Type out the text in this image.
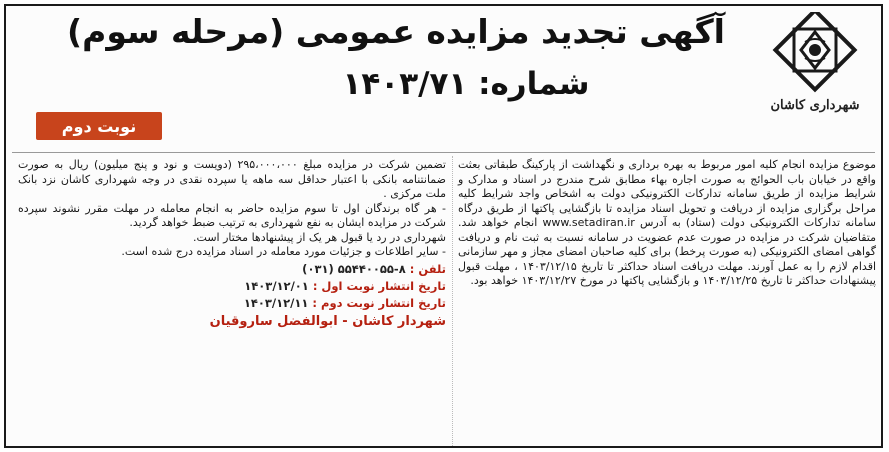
شهرداری کاشان
آگهی تجدید مزایده عمومی (مرحله سوم)
شماره: ۱۴۰۳/۷۱
نوبت دوم

موضوع مزایده انجام کلیه امور مربوط به بهره برداری و نگهداشت از پارکینگ طبقاتی بعثت واقع در خیابان باب الحوائج به صورت اجاره بهاء مطابق شرح مندرج در اسناد و مدارک و شرایط مزایده از طریق سامانه تدارکات الکترونیکی دولت به اشخاص واجد شرایط کلیه مراحل برگزاری مزایده از دریافت و تحویل اسناد مزایده تا بازگشایی پاکتها از طریق درگاه سامانه تدارکات الکترونیکی دولت (ستاد) به آدرس www.setadiran.ir انجام خواهد شد. متقاضیان شرکت در مزایده در صورت عدم عضویت در سامانه نسبت به ثبت نام و دریافت گواهی امضای الکترونیکی (به صورت پرخط) برای کلیه صاحبان امضای مجاز و مهر سازمانی اقدام لازم را به عمل آورند. مهلت دریافت اسناد حداکثر تا تاریخ ۱۴۰۳/۱۲/۱۵ ، مهلت قبول پیشنهادات حداکثر تا تاریخ ۱۴۰۳/۱۲/۲۵ و بازگشایی پاکتها در مورخ ۱۴۰۳/۱۲/۲۷ خواهد بود.

تضمین شرکت در مزایده مبلغ ۲۹۵،۰۰۰،۰۰۰ (دویست و نود و پنج میلیون) ریال به صورت ضمانتنامه بانکی با اعتبار حداقل سه ماهه یا سپرده نقدی در وجه شهرداری کاشان نزد بانک ملت مرکزی .

- هر گاه برندگان اول تا سوم مزایده حاضر به انجام معامله در مهلت مقرر نشوند سپرده شرکت در مزایده ایشان به نفع شهرداری به ترتیب ضبط خواهد گردید.

شهرداری در رد یا قبول هر یک از پیشنهادها مختار است.

- سایر اطلاعات و جزئیات مورد معامله در اسناد مزایده درج شده است.

تلفن : ۸-۵۵۴۴۰۰۵۵ (۰۳۱)
تاریخ انتشار نوبت اول : ۱۴۰۳/۱۲/۰۱
تاریخ انتشار نوبت دوم : ۱۴۰۳/۱۲/۱۱
شهردار کاشان - ابوالفضل ساروقیان
